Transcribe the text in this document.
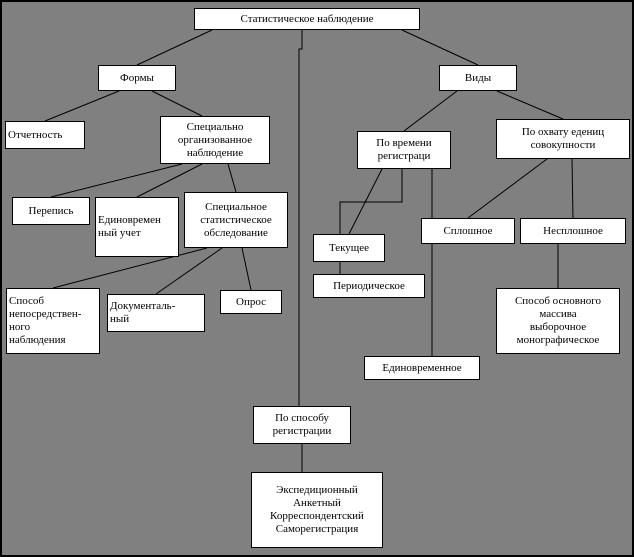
Статистическое наблюдение
Формы	Виды
Отчетность
Специально
организованное
наблюдение
По времени
регистраци
По охвату едениц
совокупности
Перепись
Единовремен
ный учет
Специальное
статистическое
обследование	Сплошное	Несплошное
Текущее
Периодическое
Способ
непосредствен-
ного
наблюдения
Документаль-
ный
Опрос	Способ основного
массива
выборочное
монографическое
Единовременное
По способу
регистрации
Экспедиционный
Анкетный
Корреспондентский
Саморегистрация
